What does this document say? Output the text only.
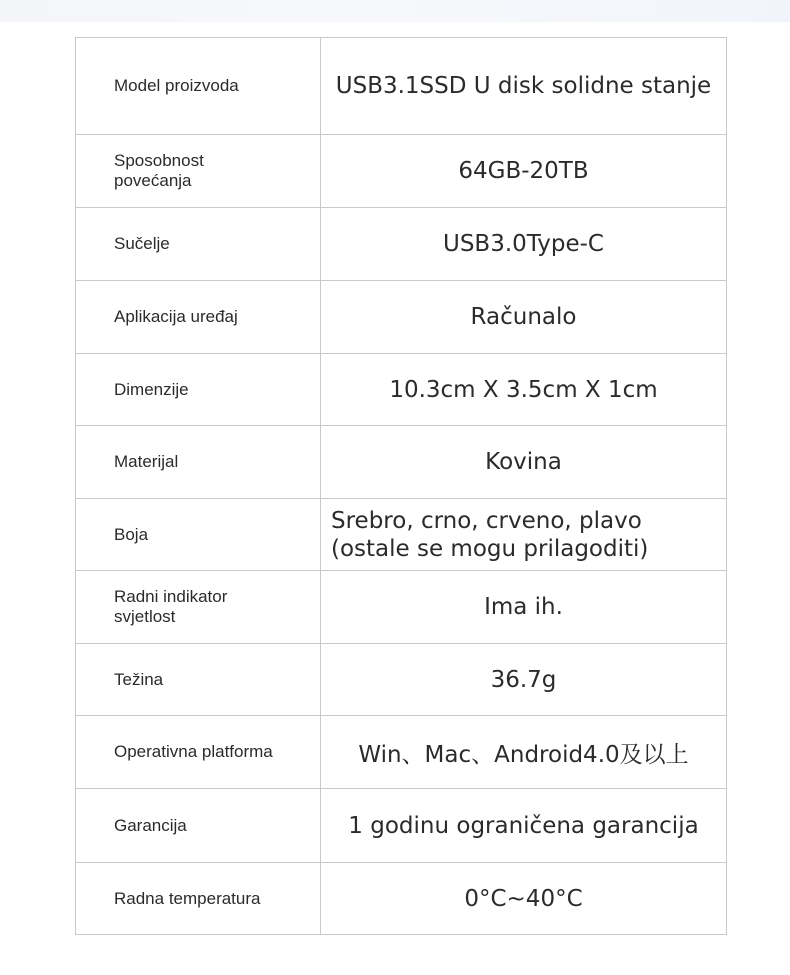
Model proizvoda	USB3.1SSD U disk solidne stanje
Sposobnost povećanja	64GB-20TB
Sučelje	USB3.0Type-C
Aplikacija uređaj	Računalo
Dimenzije	10.3cm X 3.5cm X 1cm
Materijal	Kovina
Boja	Srebro, crno, crveno, plavo (ostale se mogu prilagoditi)
Radni indikator svjetlost	Ima ih.
Težina	36.7g
Operativna platforma	Win、Mac、Android4.0及以上
Garancija	1 godinu ograničena garancija
Radna temperatura	0°C~40°C
